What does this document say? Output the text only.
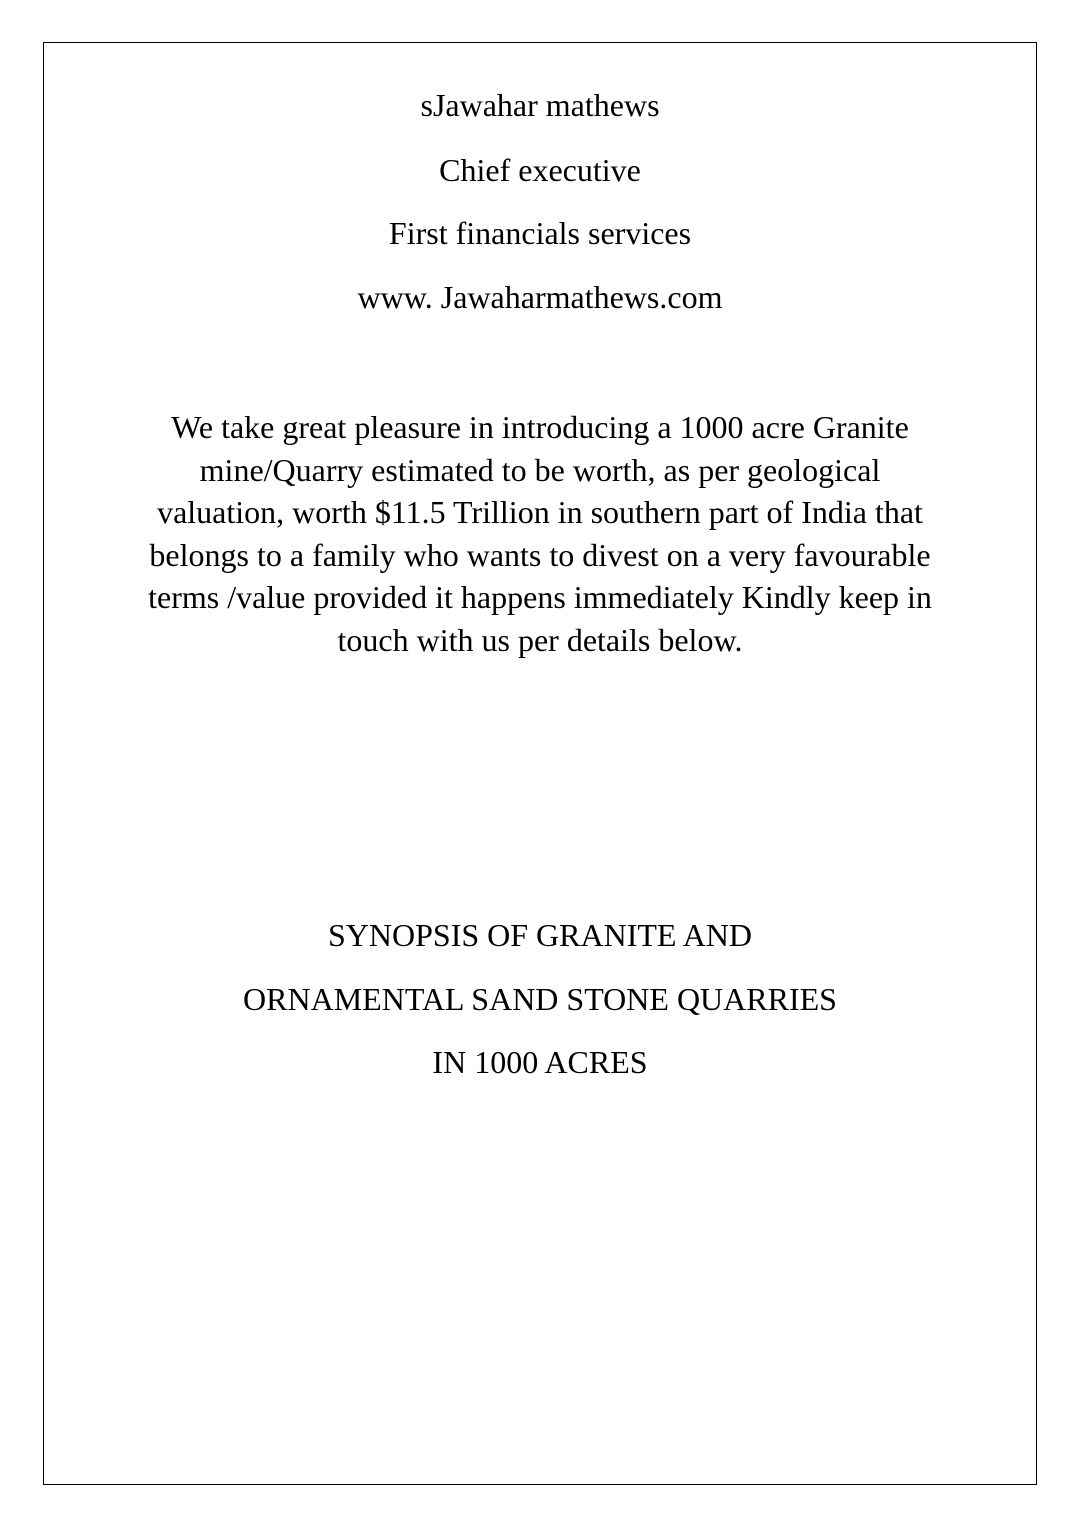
sJawahar mathews
Chief executive
First financials services
www. Jawaharmathews.com
We take great pleasure in introducing a 1000 acre Granite mine/Quarry estimated to be worth, as per geological valuation, worth $11.5 Trillion in southern part of India that belongs to a family who wants to divest on a very favourable terms /value provided it happens immediately Kindly keep in touch with us per details below.
SYNOPSIS OF GRANITE AND
ORNAMENTAL SAND STONE QUARRIES
IN 1000 ACRES
